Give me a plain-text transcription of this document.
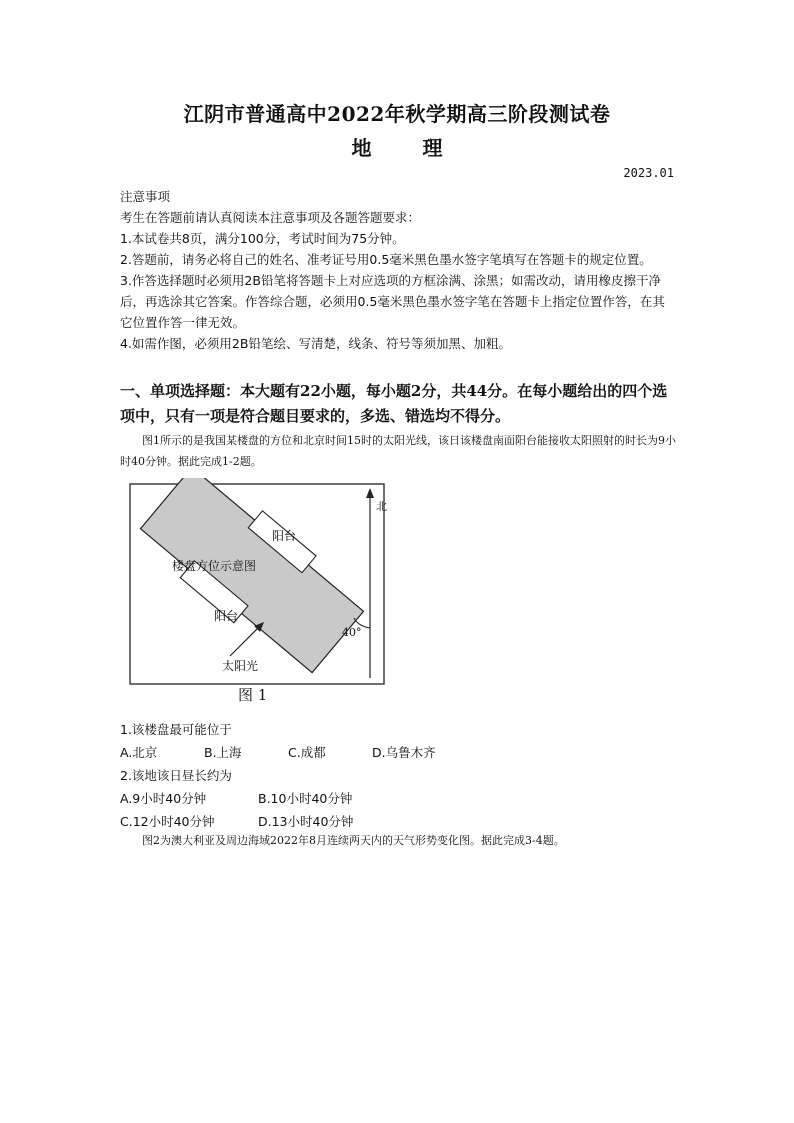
江阴市普通高中2022年秋学期高三阶段测试卷
地 理
2023.01

注意事项

考生在答题前请认真阅读本注意事项及各题答题要求：

1.本试卷共8页，满分100分，考试时间为75分钟。

2.答题前，请务必将自己的姓名、准考证号用0.5毫米黑色墨水签字笔填写在答题卡的规定位置。

3.作答选择题时必须用2B铅笔将答题卡上对应选项的方框涂满、涂黑；如需改动，请用橡皮擦干净后，再选涂其它答案。作答综合题，必须用0.5毫米黑色墨水签字笔在答题卡上指定位置作答，在其它位置作答一律无效。

4.如需作图，必须用2B铅笔绘、写清楚，线条、符号等须加黑、加粗。

一、单项选择题：本大题有22小题，每小题2分，共44分。在每小题给出的四个选项中，只有一项是符合题目要求的，多选、错选均不得分。
图1所示的是我国某楼盘的方位和北京时间15时的太阳光线，该日该楼盘南面阳台能接收太阳照射的时长为9小时40分钟。据此完成1-2题。
北
阳台
楼盘方位示意图
阳台
40°
太阳光
图 1

1.该楼盘最可能位于

A.北京	B.上海	C.成都	D.乌鲁木齐

2.该地该日昼长约为

A.9小时40分钟	B.10小时40分钟

C.12小时40分钟	D.13小时40分钟

图2为澳大利亚及周边海域2022年8月连续两天内的天气形势变化图。据此完成3-4题。
